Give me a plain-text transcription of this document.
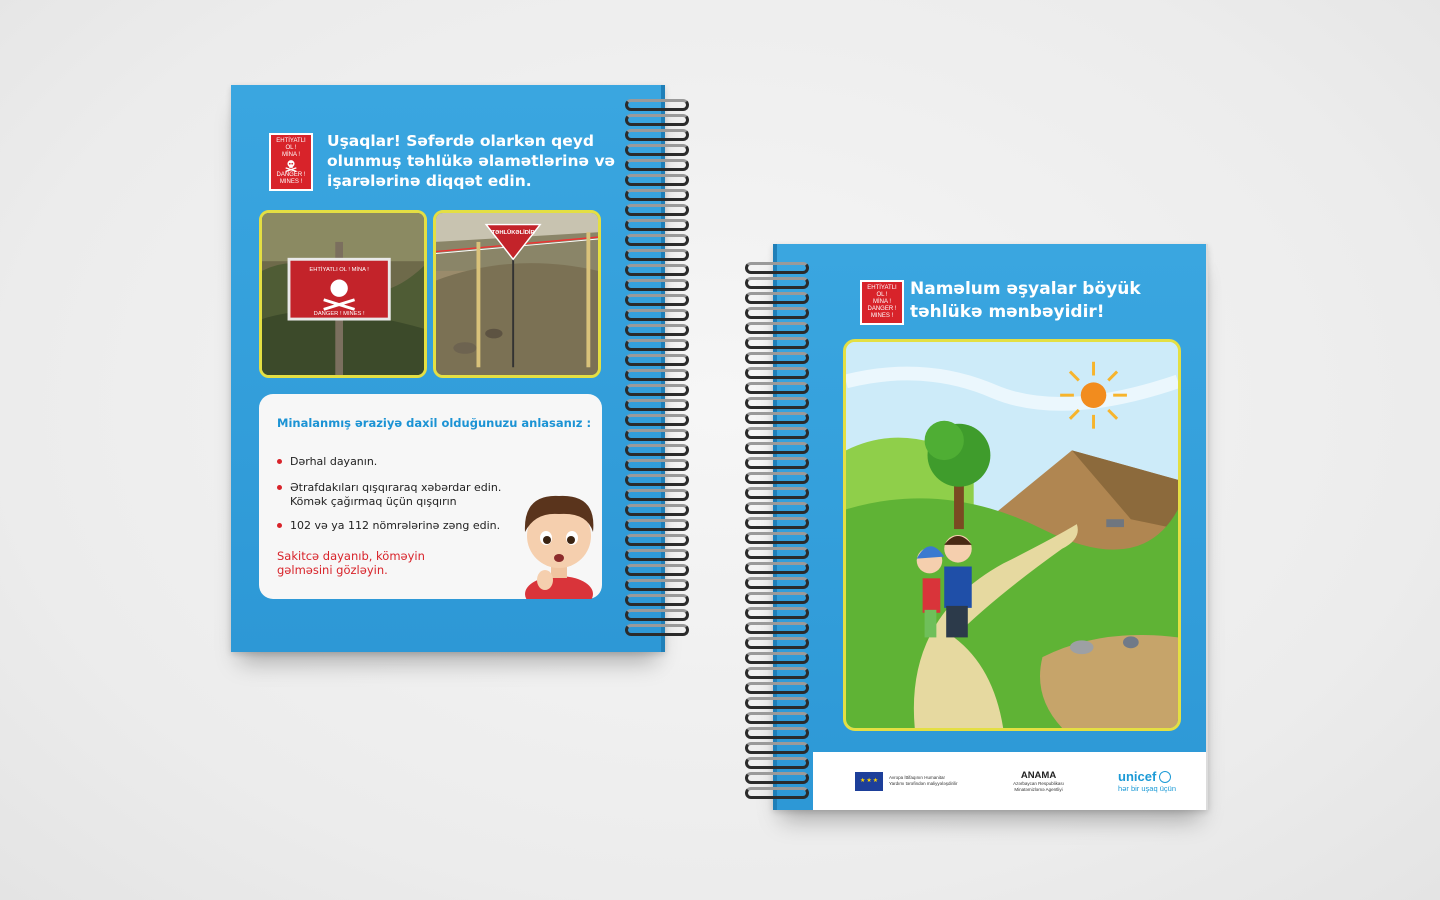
EHTİYATLI OL !
MİNA !
DANGER ! MINES !
Uşaqlar! Səfərdə olarkən qeyd olunmuş təhlükə əlamətlərinə və işarələrinə diqqət edin.
EHTİYATLI OL ! MİNA !
DANGER ! MINES !
TƏHLÜKƏLİDİR
Minalanmış əraziyə daxil olduğunuzu anlasanız :
Dərhal dayanın.
Ətrafdakıları qışqıraraq xəbərdar edin. Kömək çağırmaq üçün qışqırın
102 və ya 112 nömrələrinə zəng edin.
Sakitcə dayanıb, köməyin gəlməsini gözləyin.
EHTİYATLI OL !
MİNA !
DANGER ! MINES !
Naməlum əşyalar böyük təhlükə mənbəyidir!
★★★
Avropa İttifaqının Humanitar Yardımı tərəfindən maliyyələşdirilir
ANAMA
Azərbaycan Respublikası Minatəmizləmə Agentliyi
unicef
hər bir uşaq üçün
